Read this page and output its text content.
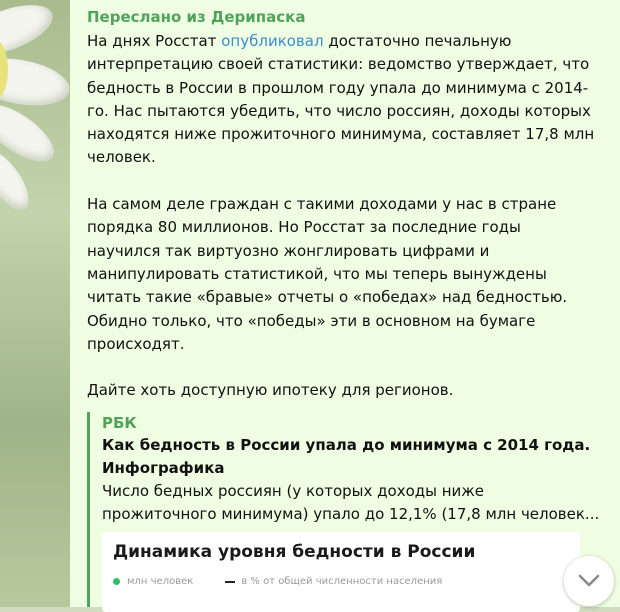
Переслано из Дерипаска

На днях Росстат опубликовал достаточно печальную

интерпретацию своей статистики: ведомство утверждает, что

бедность в России в прошлом году упала до минимума с 2014-

го. Нас пытаются убедить, что число россиян, доходы которых

находятся ниже прожиточного минимума, составляет 17,8 млн

человек.

На самом деле граждан с такими доходами у нас в стране

порядка 80 миллионов. Но Росстат за последние годы

научился так виртуозно жонглировать цифрами и

манипулировать статистикой, что мы теперь вынуждены

читать такие «бравые» отчеты о «победах» над бедностью.

Обидно только, что «победы» эти в основном на бумаге

происходят.

Дайте хоть доступную ипотеку для регионов.

РБК
Как бедность в России упала до минимума с 2014 года.
Инфографика
Число бедных россиян (у которых доходы ниже
прожиточного минимума) упало до 12,1% (17,8 млн человек...
Динамика уровня бедности в России
млн человек	в % от общей численности населения
